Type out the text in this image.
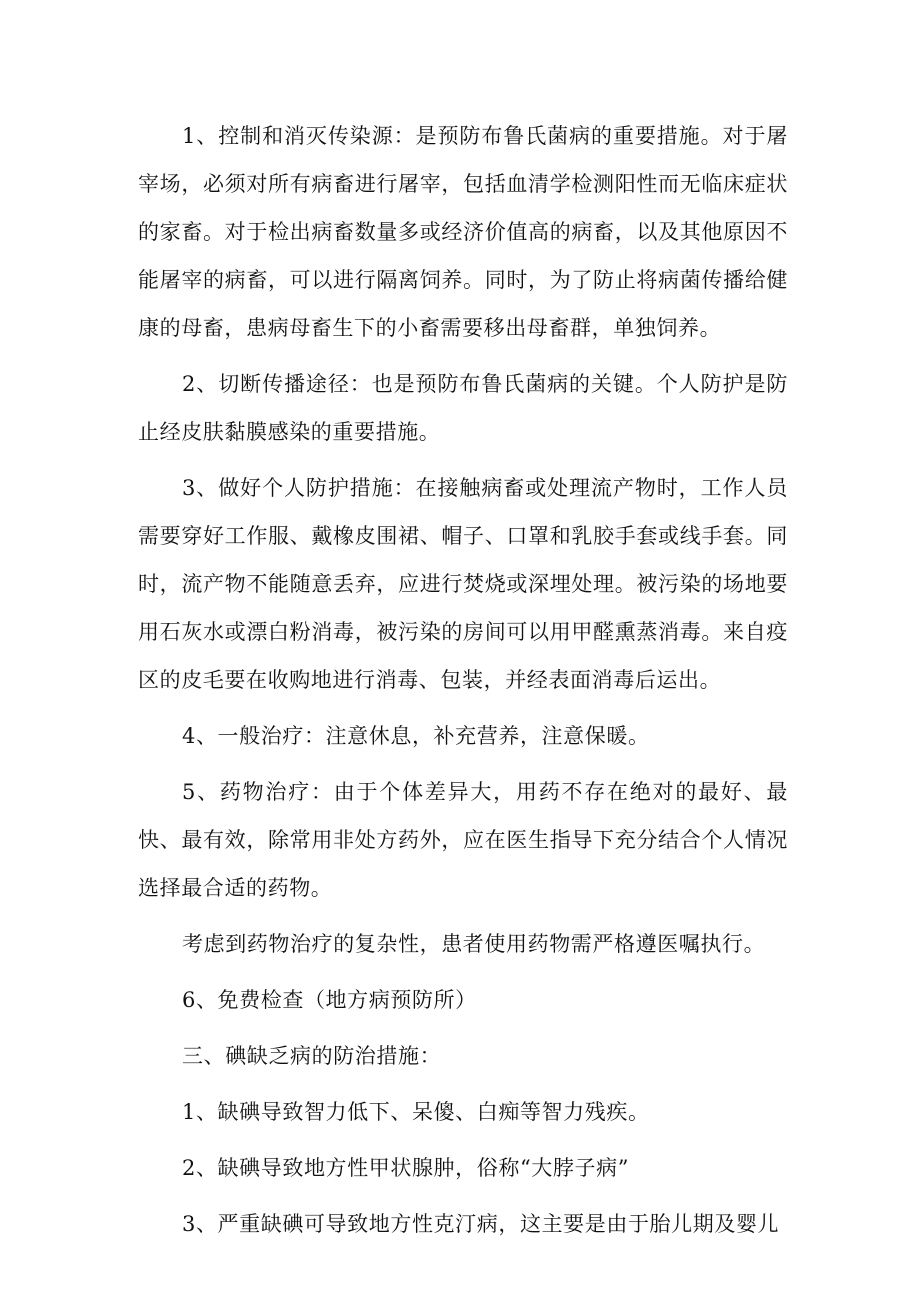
1、控制和消灭传染源：是预防布鲁氏菌病的重要措施。对于屠宰场，必须对所有病畜进行屠宰，包括血清学检测阳性而无临床症状的家畜。对于检出病畜数量多或经济价值高的病畜，以及其他原因不能屠宰的病畜，可以进行隔离饲养。同时，为了防止将病菌传播给健康的母畜，患病母畜生下的小畜需要移出母畜群，单独饲养。

2、切断传播途径：也是预防布鲁氏菌病的关键。个人防护是防止经皮肤黏膜感染的重要措施。

3、做好个人防护措施：在接触病畜或处理流产物时，工作人员需要穿好工作服、戴橡皮围裙、帽子、口罩和乳胶手套或线手套。同时，流产物不能随意丢弃，应进行焚烧或深埋处理。被污染的场地要用石灰水或漂白粉消毒，被污染的房间可以用甲醛熏蒸消毒。来自疫区的皮毛要在收购地进行消毒、包装，并经表面消毒后运出。

4、一般治疗：注意休息，补充营养，注意保暖。

5、药物治疗：由于个体差异大，用药不存在绝对的最好、最快、最有效，除常用非处方药外，应在医生指导下充分结合个人情况选择最合适的药物。

考虑到药物治疗的复杂性，患者使用药物需严格遵医嘱执行。

6、免费检查（地方病预防所）

三、碘缺乏病的防治措施：

1、缺碘导致智力低下、呆傻、白痴等智力残疾。

2、缺碘导致地方性甲状腺肿，俗称“大脖子病”

3、严重缺碘可导致地方性克汀病，这主要是由于胎儿期及婴儿
